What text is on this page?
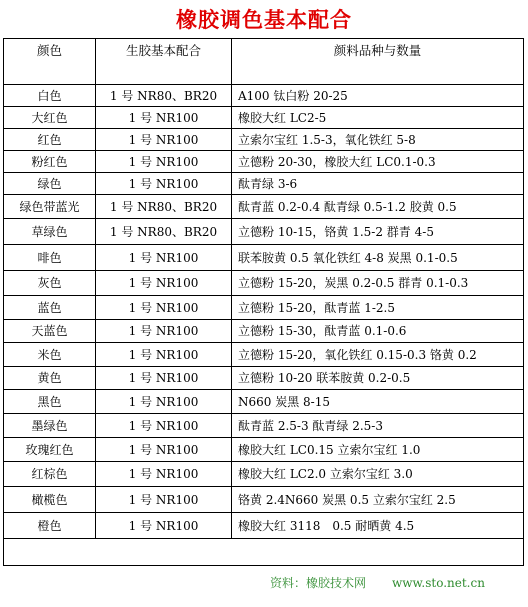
橡胶调色基本配合
颜色	生胶基本配合	颜料品种与数量
白色	1 号 NR80、BR20	A100 钛白粉 20-25
大红色	1 号 NR100	橡胶大红 LC2-5
红色	1 号 NR100	立索尔宝红 1.5-3，氧化铁红 5-8
粉红色	1 号 NR100	立德粉 20-30，橡胶大红 LC0.1-0.3
绿色	1 号 NR100	酞青绿 3-6
绿色带蓝光	1 号 NR80、BR20	酞青蓝 0.2-0.4 酞青绿 0.5-1.2 胶黄 0.5
草绿色	1 号 NR80、BR20	立德粉 10-15，铬黄 1.5-2 群青 4-5
啡色	1 号 NR100	联苯胺黄 0.5 氧化铁红 4-8 炭黑 0.1-0.5
灰色	1 号 NR100	立德粉 15-20，炭黑 0.2-0.5 群青 0.1-0.3
蓝色	1 号 NR100	立德粉 15-20，酞青蓝 1-2.5
天蓝色	1 号 NR100	立德粉 15-30，酞青蓝 0.1-0.6
米色	1 号 NR100	立德粉 15-20，氧化铁红 0.15-0.3 铬黄 0.2
黄色	1 号 NR100	立德粉 10-20 联苯胺黄 0.2-0.5
黑色	1 号 NR100	N660 炭黑 8-15
墨绿色	1 号 NR100	酞青蓝 2.5-3 酞青绿 2.5-3
玫瑰红色	1 号 NR100	橡胶大红 LC0.15 立索尔宝红 1.0
红棕色	1 号 NR100	橡胶大红 LC2.0 立索尔宝红 3.0
橄榄色	1 号 NR100	铬黄 2.4N660 炭黑 0.5 立索尔宝红 2.5
橙色	1 号 NR100	橡胶大红 3118　0.5 耐晒黄 4.5

资料：橡胶技术网 www.sto.net.cn
